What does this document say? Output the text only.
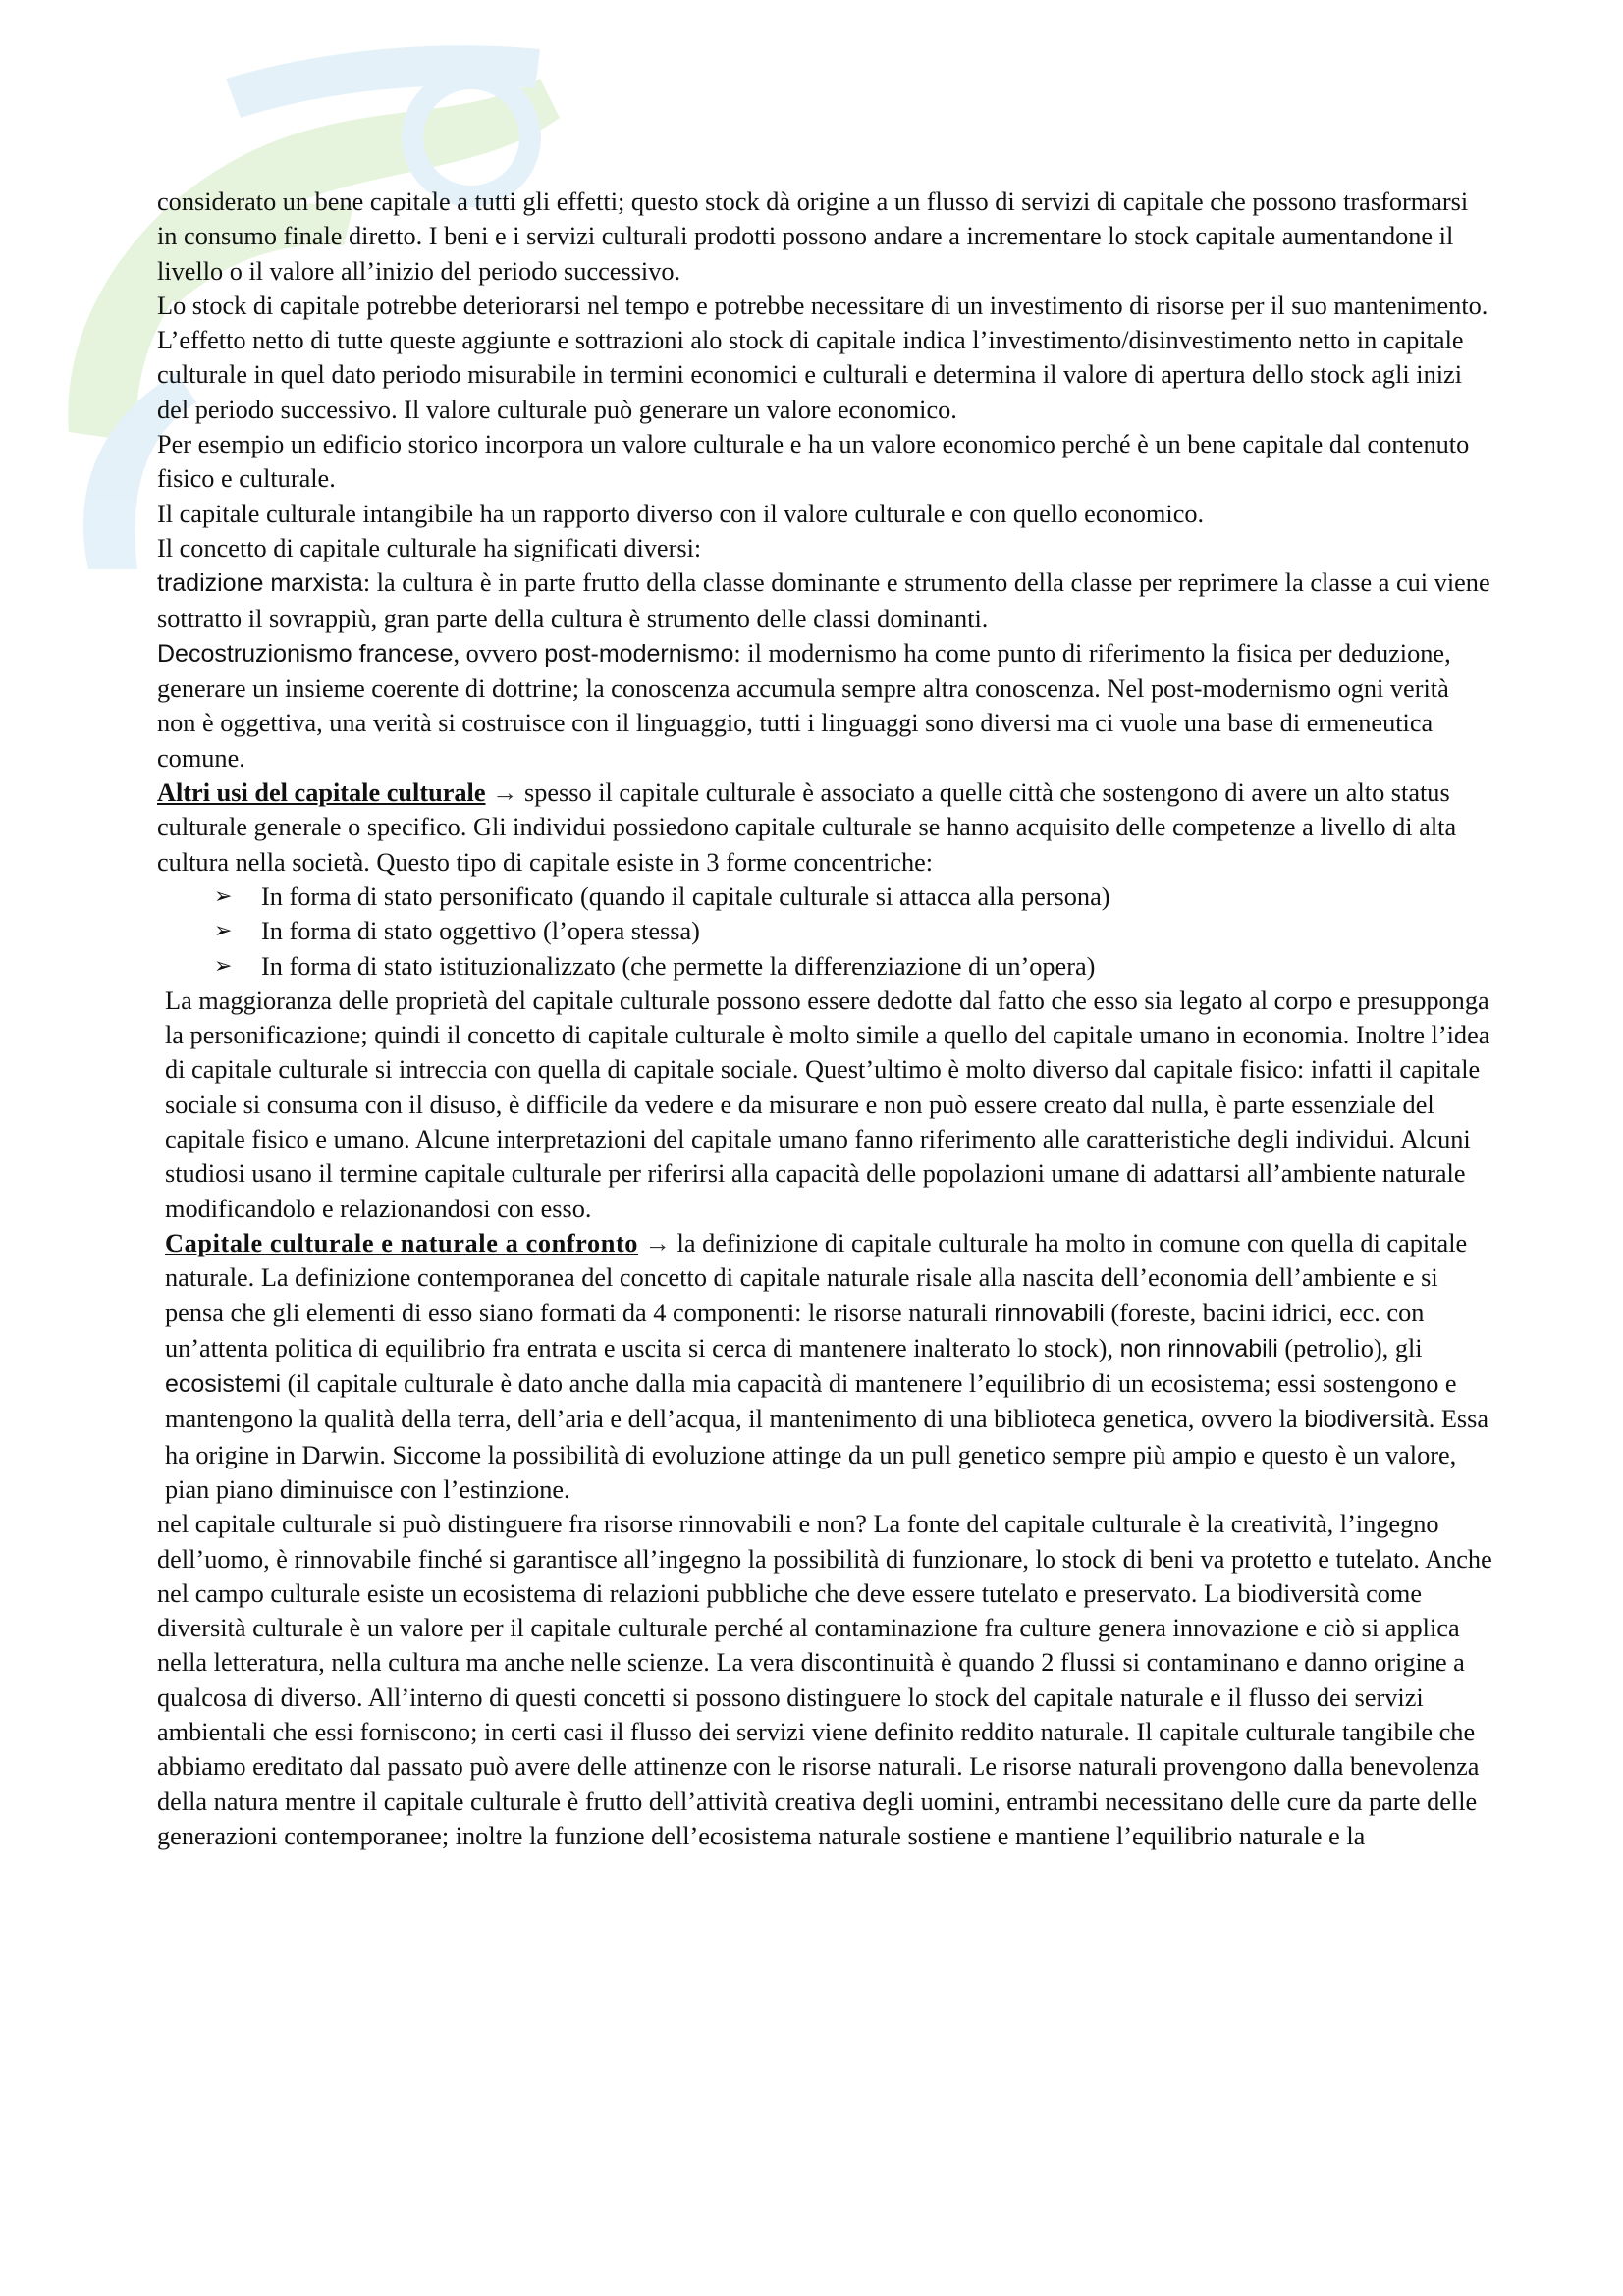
considerato un bene capitale a tutti gli effetti; questo stock dà origine a un flusso di servizi di capitale che possono trasformarsi in consumo finale diretto. I beni e i servizi culturali prodotti possono andare a incrementare lo stock capitale aumentandone il livello o il valore all’inizio del periodo successivo.

Lo stock di capitale potrebbe deteriorarsi nel tempo e potrebbe necessitare di un investimento di risorse per il suo mantenimento. L’effetto netto di tutte queste aggiunte e sottrazioni alo stock di capitale indica l’investimento/disinvestimento netto in capitale culturale in quel dato periodo misurabile in termini economici e culturali e determina il valore di apertura dello stock agli inizi del periodo successivo. Il valore culturale può generare un valore economico.

Per esempio un edificio storico incorpora un valore culturale e ha un valore economico perché è un bene capitale dal contenuto fisico e culturale.

Il capitale culturale intangibile ha un rapporto diverso con il valore culturale e con quello economico.

Il concetto di capitale culturale ha significati diversi:

tradizione marxista: la cultura è in parte frutto della classe dominante e strumento della classe per reprimere la classe a cui viene sottratto il sovrappiù, gran parte della cultura è strumento delle classi dominanti.

Decostruzionismo francese, ovvero post-modernismo: il modernismo ha come punto di riferimento la fisica per deduzione, generare un insieme coerente di dottrine; la conoscenza accumula sempre altra conoscenza. Nel post-modernismo ogni verità non è oggettiva, una verità si costruisce con il linguaggio, tutti i linguaggi sono diversi ma ci vuole una base di ermeneutica comune.

Altri usi del capitale culturale → spesso il capitale culturale è associato a quelle città che sostengono di avere un alto status culturale generale o specifico. Gli individui possiedono capitale culturale se hanno acquisito delle competenze a livello di alta cultura nella società. Questo tipo di capitale esiste in 3 forme concentriche:

➢ In forma di stato personificato (quando il capitale culturale si attacca alla persona)
➢ In forma di stato oggettivo (l’opera stessa)
➢ In forma di stato istituzionalizzato (che permette la differenziazione di un’opera)

La maggioranza delle proprietà del capitale culturale possono essere dedotte dal fatto che esso sia legato al corpo e presupponga la personificazione; quindi il concetto di capitale culturale è molto simile a quello del capitale umano in economia. Inoltre l’idea di capitale culturale si intreccia con quella di capitale sociale. Quest’ultimo è molto diverso dal capitale fisico: infatti il capitale sociale si consuma con il disuso, è difficile da vedere e da misurare e non può essere creato dal nulla, è parte essenziale del capitale fisico e umano. Alcune interpretazioni del capitale umano fanno riferimento alle caratteristiche degli individui. Alcuni studiosi usano il termine capitale culturale per riferirsi alla capacità delle popolazioni umane di adattarsi all’ambiente naturale modificandolo e relazionandosi con esso.

Capitale culturale e naturale a confronto → la definizione di capitale culturale ha molto in comune con quella di capitale naturale. La definizione contemporanea del concetto di capitale naturale risale alla nascita dell’economia dell’ambiente e si pensa che gli elementi di esso siano formati da 4 componenti: le risorse naturali rinnovabili (foreste, bacini idrici, ecc. con un’attenta politica di equilibrio fra entrata e uscita si cerca di mantenere inalterato lo stock), non rinnovabili (petrolio), gli ecosistemi (il capitale culturale è dato anche dalla mia capacità di mantenere l’equilibrio di un ecosistema; essi sostengono e mantengono la qualità della terra, dell’aria e dell’acqua, il mantenimento di una biblioteca genetica, ovvero la biodiversità. Essa ha origine in Darwin. Siccome la possibilità di evoluzione attinge da un pull genetico sempre più ampio e questo è un valore, pian piano diminuisce con l’estinzione.

nel capitale culturale si può distinguere fra risorse rinnovabili e non? La fonte del capitale culturale è la creatività, l’ingegno dell’uomo, è rinnovabile finché si garantisce all’ingegno la possibilità di funzionare, lo stock di beni va protetto e tutelato. Anche nel campo culturale esiste un ecosistema di relazioni pubbliche che deve essere tutelato e preservato. La biodiversità come diversità culturale è un valore per il capitale culturale perché al contaminazione fra culture genera innovazione e ciò si applica nella letteratura, nella cultura ma anche nelle scienze. La vera discontinuità è quando 2 flussi si contaminano e danno origine a qualcosa di diverso. All’interno di questi concetti si possono distinguere lo stock del capitale naturale e il flusso dei servizi ambientali che essi forniscono; in certi casi il flusso dei servizi viene definito reddito naturale. Il capitale culturale tangibile che abbiamo ereditato dal passato può avere delle attinenze con le risorse naturali. Le risorse naturali provengono dalla benevolenza della natura mentre il capitale culturale è frutto dell’attività creativa degli uomini, entrambi necessitano delle cure da parte delle generazioni contemporanee; inoltre la funzione dell’ecosistema naturale sostiene e mantiene l’equilibrio naturale e la
